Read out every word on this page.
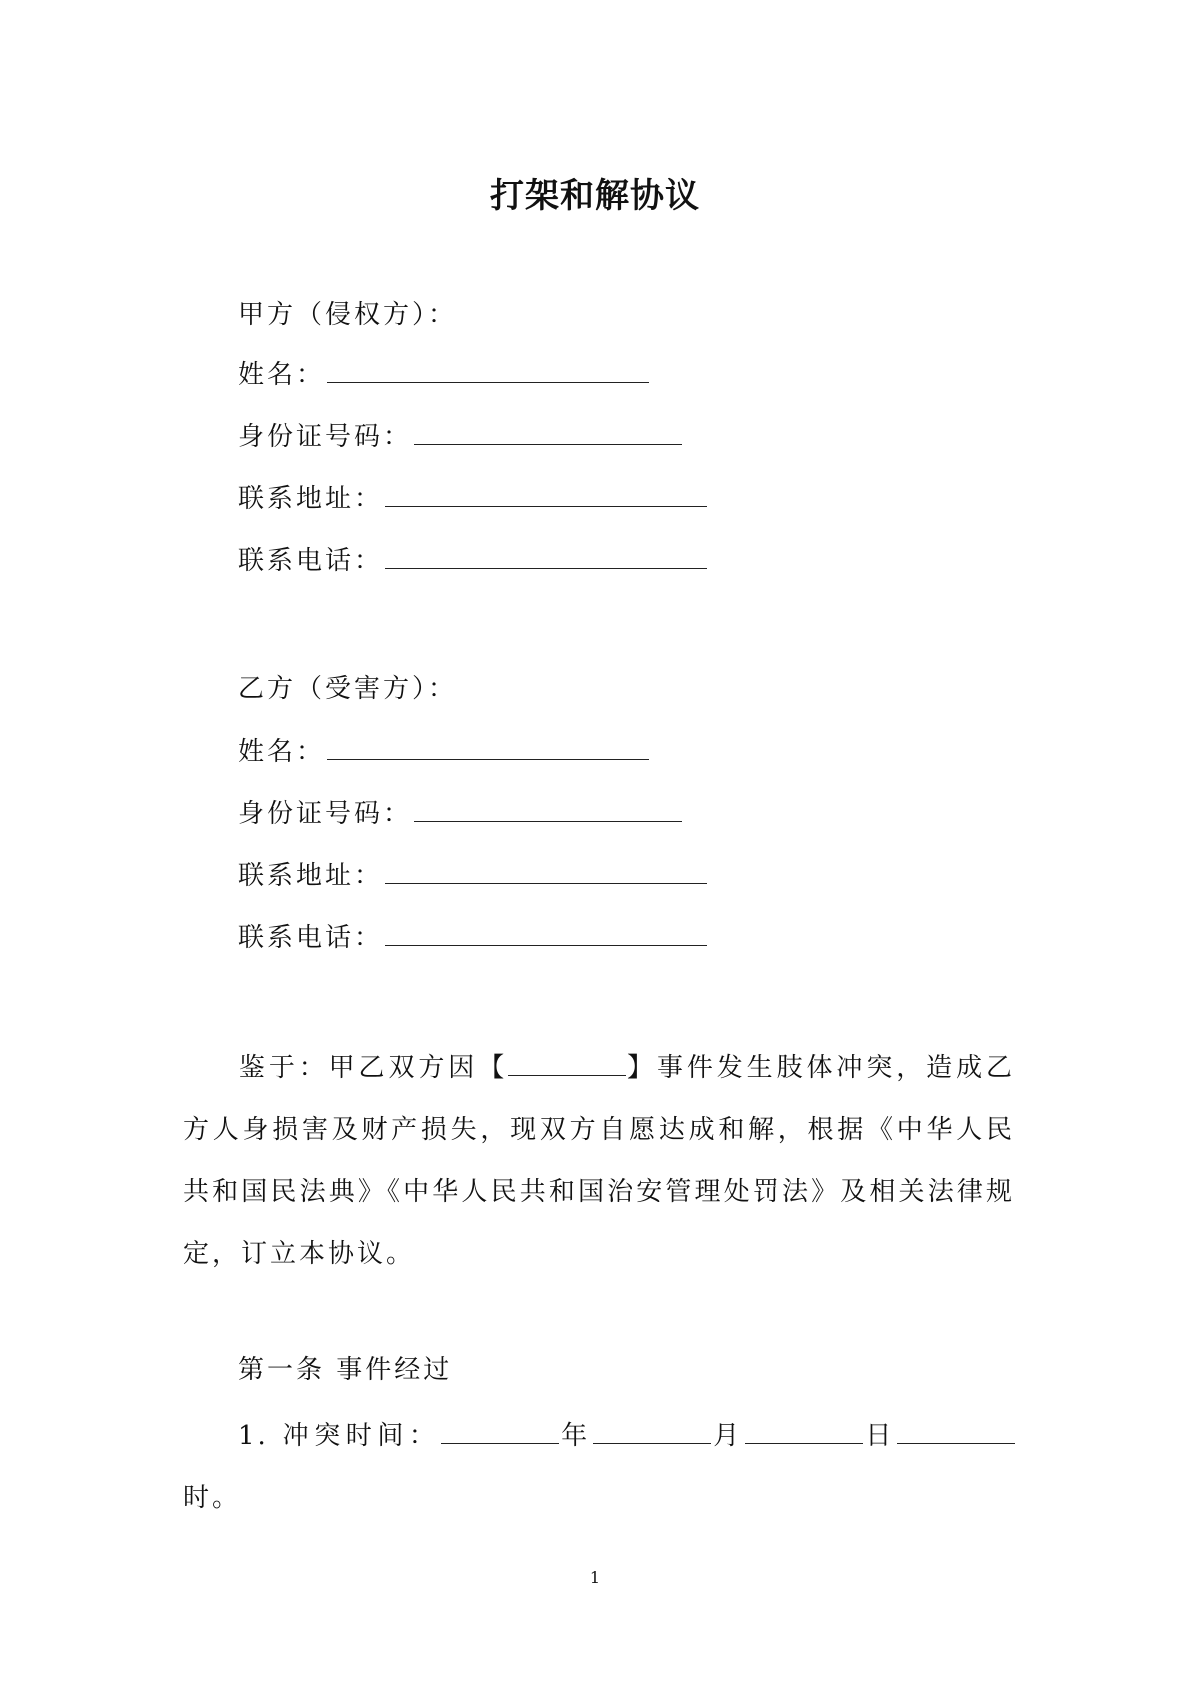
打架和解协议
甲方（侵权方）：
姓名：
身份证号码：
联系地址：
联系电话：
乙方（受害方）：
姓名：
身份证号码：
联系地址：
联系电话：
鉴于：甲乙双方因【	】事件发生肢体冲突，造成乙方人身损害及财产损失，现双方自愿达成和解，根据《中华人民共和国民法典》《中华人民共和国治安管理处罚法》及相关法律规定，订立本协议。
第一条 事件经过
1. 冲突时间：	年	月	日时。
1
